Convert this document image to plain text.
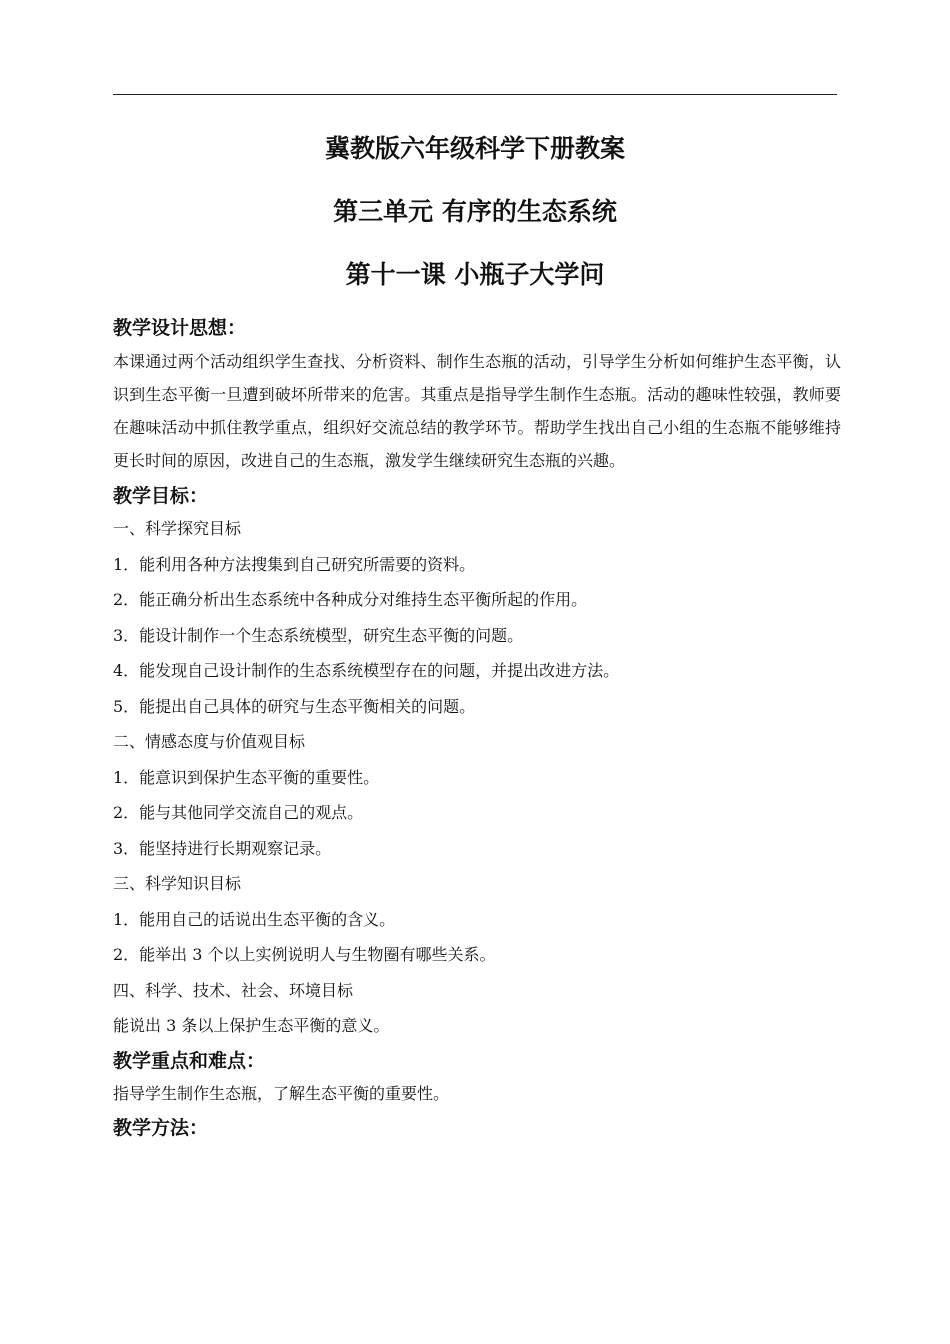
冀教版六年级科学下册教案
第三单元 有序的生态系统
第十一课 小瓶子大学问
教学设计思想：
本课通过两个活动组织学生查找、分析资料、制作生态瓶的活动，引导学生分析如何维护生态平衡，认识到生态平衡一旦遭到破坏所带来的危害。其重点是指导学生制作生态瓶。活动的趣味性较强，教师要在趣味活动中抓住教学重点，组织好交流总结的教学环节。帮助学生找出自己小组的生态瓶不能够维持更长时间的原因，改进自己的生态瓶，激发学生继续研究生态瓶的兴趣。
教学目标：
一、科学探究目标
1．能利用各种方法搜集到自己研究所需要的资料。
2．能正确分析出生态系统中各种成分对维持生态平衡所起的作用。
3．能设计制作一个生态系统模型，研究生态平衡的问题。
4．能发现自己设计制作的生态系统模型存在的问题，并提出改进方法。
5．能提出自己具体的研究与生态平衡相关的问题。
二、情感态度与价值观目标
1．能意识到保护生态平衡的重要性。
2．能与其他同学交流自己的观点。
3．能坚持进行长期观察记录。
三、科学知识目标
1．能用自己的话说出生态平衡的含义。
2．能举出 3 个以上实例说明人与生物圈有哪些关系。
四、科学、技术、社会、环境目标
能说出 3 条以上保护生态平衡的意义。
教学重点和难点：
指导学生制作生态瓶，了解生态平衡的重要性。
教学方法：
